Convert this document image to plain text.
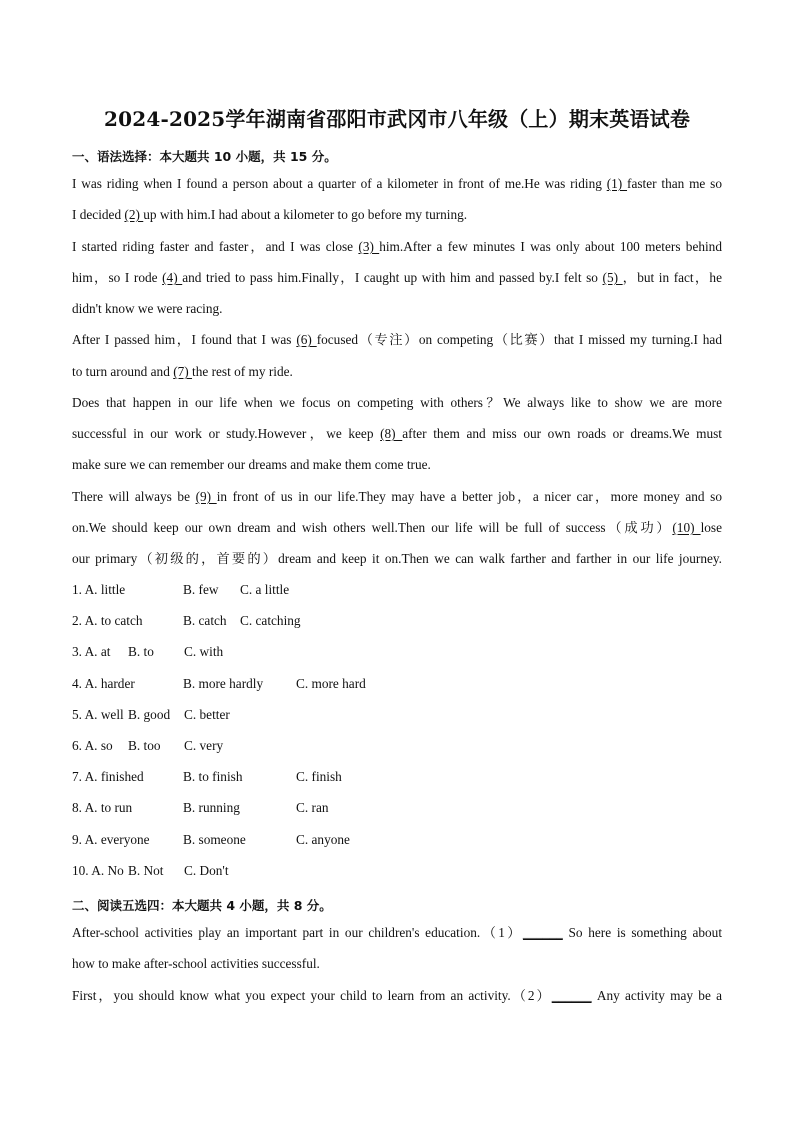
2024-2025学年湖南省邵阳市武冈市八年级（上）期末英语试卷
一、语法选择：本大题共 10 小题，共 15 分。
I was riding when I found a person about a quarter of a kilometer in front of me.He was riding (1) faster than me so
I decided (2) up with him.I had about a kilometer to go before my turning.
I started riding faster and faster，and I was close (3) him.After a few minutes I was only about 100 meters behind
him，so I rode (4) and tried to pass him.Finally，I caught up with him and passed by.I felt so (5) ，but in fact，he
didn't know we were racing.
After I passed him，I found that I was (6) focused（专注）on competing（比赛）that I missed my turning.I had
to turn around and (7) the rest of my ride.
Does that happen in our life when we focus on competing with others？We always like to show we are more
successful in our work or study.However，we keep (8) after them and miss our own roads or dreams.We must
make sure we can remember our dreams and make them come true.
There will always be (9) in front of us in our life.They may have a better job，a nicer car，more money and so
on.We should keep our own dream and wish others well.Then our life will be full of success（成功）(10) lose
our primary（初级的，首要的）dream and keep it on.Then we can walk farther and farther in our life journey.
1. A. little	B. few C. a little
2. A. to catch	B. catch C. catching
3. A. at B. to C. with
4. A. harder	B. more hardly C. more hard
5. A. well B. good C. better
6. A. so B. too C. very
7. A. finished	B. to finish	C. finish
8. A. to run	B. running	C. ran
9. A. everyone	B. someone	C. anyone
10. A. No B. Not C. Don't
二、阅读五选四：本大题共 4 小题，共 8 分。
After-school activities play an important part in our children's education.（1）______ So here is something about
how to make after-school activities successful.
First，you should know what you expect your child to learn from an activity.（2）______ Any activity may be a
